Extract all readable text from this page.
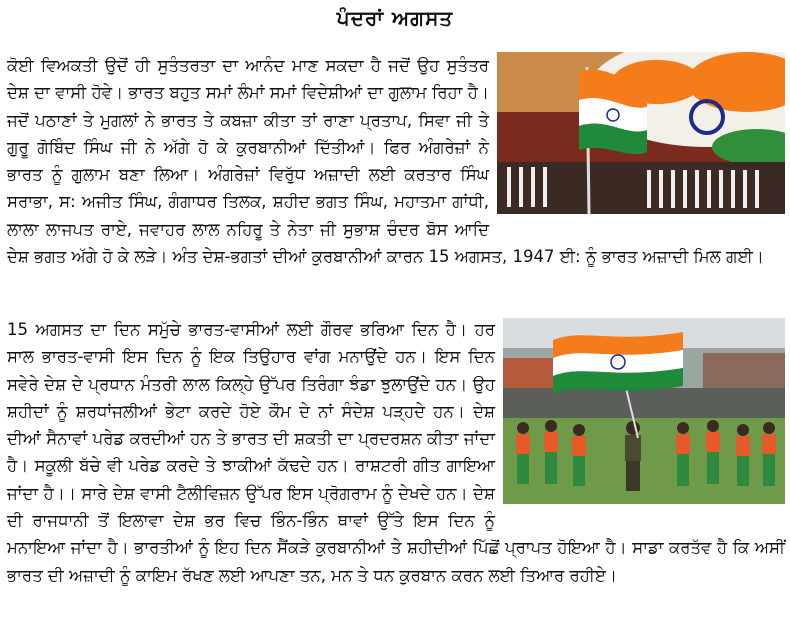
ਪੰਦਰਾਂ ਅਗਸਤ
ਕੋਈ ਵਿਅਕਤੀ ਉਦੋਂ ਹੀ ਸੁਤੰਤਰਤਾ ਦਾ ਆਨੰਦ ਮਾਣ ਸਕਦਾ ਹੈ ਜਦੋਂ ਉਹ ਸੁਤੰਤਰ ਦੇਸ਼ ਦਾ ਵਾਸੀ ਹੋਵੇ। ਭਾਰਤ ਬਹੁਤ ਸਮਾਂ ਲੰਮਾਂ ਸਮਾਂ ਵਿਦੇਸ਼ੀਆਂ ਦਾ ਗੁਲਾਮ ਰਿਹਾ ਹੈ। ਜਦੋਂ ਪਠਾਣਾਂ ਤੇ ਮੁਗਲਾਂ ਨੇ ਭਾਰਤ ਤੇ ਕਬਜ਼ਾ ਕੀਤਾ ਤਾਂ ਰਾਣਾ ਪ੍ਰਤਾਪ, ਸਿਵਾ ਜੀ ਤੇ ਗੁਰੂ ਗੋਬਿੰਦ ਸਿੰਘ ਜੀ ਨੇ ਅੱਗੇ ਹੋ ਕੇ ਕੁਰਬਾਨੀਆਂ ਦਿੱਤੀਆਂ। ਫਿਰ ਅੰਗਰੇਜ਼ਾਂ ਨੇ ਭਾਰਤ ਨੂੰ ਗੁਲਾਮ ਬਣਾ ਲਿਆ। ਅੰਗਰੇਜ਼ਾਂ ਵਿਰੁੱਧ ਅਜ਼ਾਦੀ ਲਈ ਕਰਤਾਰ ਸਿੰਘ ਸਰਾਭਾ, ਸ: ਅਜੀਤ ਸਿੰਘ, ਗੰਗਾਧਰ ਤਿਲਕ, ਸ਼ਹੀਦ ਭਗਤ ਸਿੰਘ, ਮਹਾਤਮਾ ਗਾਂਧੀ, ਲਾਲਾ ਲਾਜਪਤ ਰਾਏ, ਜਵਾਹਰ ਲਾਲ ਨਹਿਰੂ ਤੇ ਨੇਤਾ ਜੀ ਸੁਭਾਸ਼ ਚੰਦਰ ਬੋਸ ਆਦਿ ਦੇਸ਼ ਭਗਤ ਅੱਗੇ ਹੋ ਕੇ ਲੜੇ। ਅੰਤ ਦੇਸ਼-ਭਗਤਾਂ ਦੀਆਂ ਕੁਰਬਾਨੀਆਂ ਕਾਰਨ 15 ਅਗਸਤ, 1947 ਈ: ਨੂੰ ਭਾਰਤ ਅਜ਼ਾਦੀ ਮਿਲ ਗਈ।
15 ਅਗਸਤ ਦਾ ਦਿਨ ਸਮੁੱਚੇ ਭਾਰਤ-ਵਾਸੀਆਂ ਲਈ ਗੌਰਵ ਭਰਿਆ ਦਿਨ ਹੈ। ਹਰ ਸਾਲ ਭਾਰਤ-ਵਾਸੀ ਇਸ ਦਿਨ ਨੂੰ ਇਕ ਤਿਉਹਾਰ ਵਾਂਗ ਮਨਾਉਂਦੇ ਹਨ। ਇਸ ਦਿਨ ਸਵੇਰੇ ਦੇਸ਼ ਦੇ ਪ੍ਰਧਾਨ ਮੰਤਰੀ ਲਾਲ ਕਿਲ੍ਹੇ ਉੱਪਰ ਤਿਰੰਗਾ ਝੰਡਾ ਝੁਲਾਉਂਦੇ ਹਨ। ਉਹ ਸ਼ਹੀਦਾਂ ਨੂੰ ਸ਼ਰਧਾਂਜਲੀਆਂ ਭੇਟਾ ਕਰਦੇ ਹੋਏ ਕੌਮ ਦੇ ਨਾਂ ਸੰਦੇਸ਼ ਪੜ੍ਹਦੇ ਹਨ। ਦੇਸ਼ ਦੀਆਂ ਸੈਨਾਵਾਂ ਪਰੇਡ ਕਰਦੀਆਂ ਹਨ ਤੇ ਭਾਰਤ ਦੀ ਸ਼ਕਤੀ ਦਾ ਪ੍ਰਦਰਸ਼ਨ ਕੀਤਾ ਜਾਂਦਾ ਹੈ। ਸਕੂਲੀ ਬੱਚੇ ਵੀ ਪਰੇਡ ਕਰਦੇ ਤੇ ਝਾਕੀਆਂ ਕੱਢਦੇ ਹਨ। ਰਾਸ਼ਟਰੀ ਗੀਤ ਗਾਇਆ ਜਾਂਦਾ ਹੈ।। ਸਾਰੇ ਦੇਸ਼ ਵਾਸੀ ਟੈਲੀਵਿਜ਼ਨ ਉੱਪਰ ਇਸ ਪ੍ਰੋਗਰਾਮ ਨੂੰ ਦੇਖਦੇ ਹਨ। ਦੇਸ਼ ਦੀ ਰਾਜਧਾਨੀ ਤੋਂ ਇਲਾਵਾ ਦੇਸ਼ ਭਰ ਵਿਚ ਭਿੰਨ-ਭਿੰਨ ਥਾਵਾਂ ਉੱਤੇ ਇਸ ਦਿਨ ਨੂੰ ਮਨਾਇਆ ਜਾਂਦਾ ਹੈ। ਭਾਰਤੀਆਂ ਨੂੰ ਇਹ ਦਿਨ ਸੈਂਕੜੇ ਕੁਰਬਾਨੀਆਂ ਤੇ ਸ਼ਹੀਦੀਆਂ ਪਿੱਛੋਂ ਪ੍ਰਾਪਤ ਹੋਇਆ ਹੈ। ਸਾਡਾ ਕਰਤੱਵ ਹੈ ਕਿ ਅਸੀਂ ਭਾਰਤ ਦੀ ਅਜ਼ਾਦੀ ਨੂੰ ਕਾਇਮ ਰੱਖਣ ਲਈ ਆਪਣਾ ਤਨ, ਮਨ ਤੇ ਧਨ ਕੁਰਬਾਨ ਕਰਨ ਲਈ ਤਿਆਰ ਰਹੀਏ।
